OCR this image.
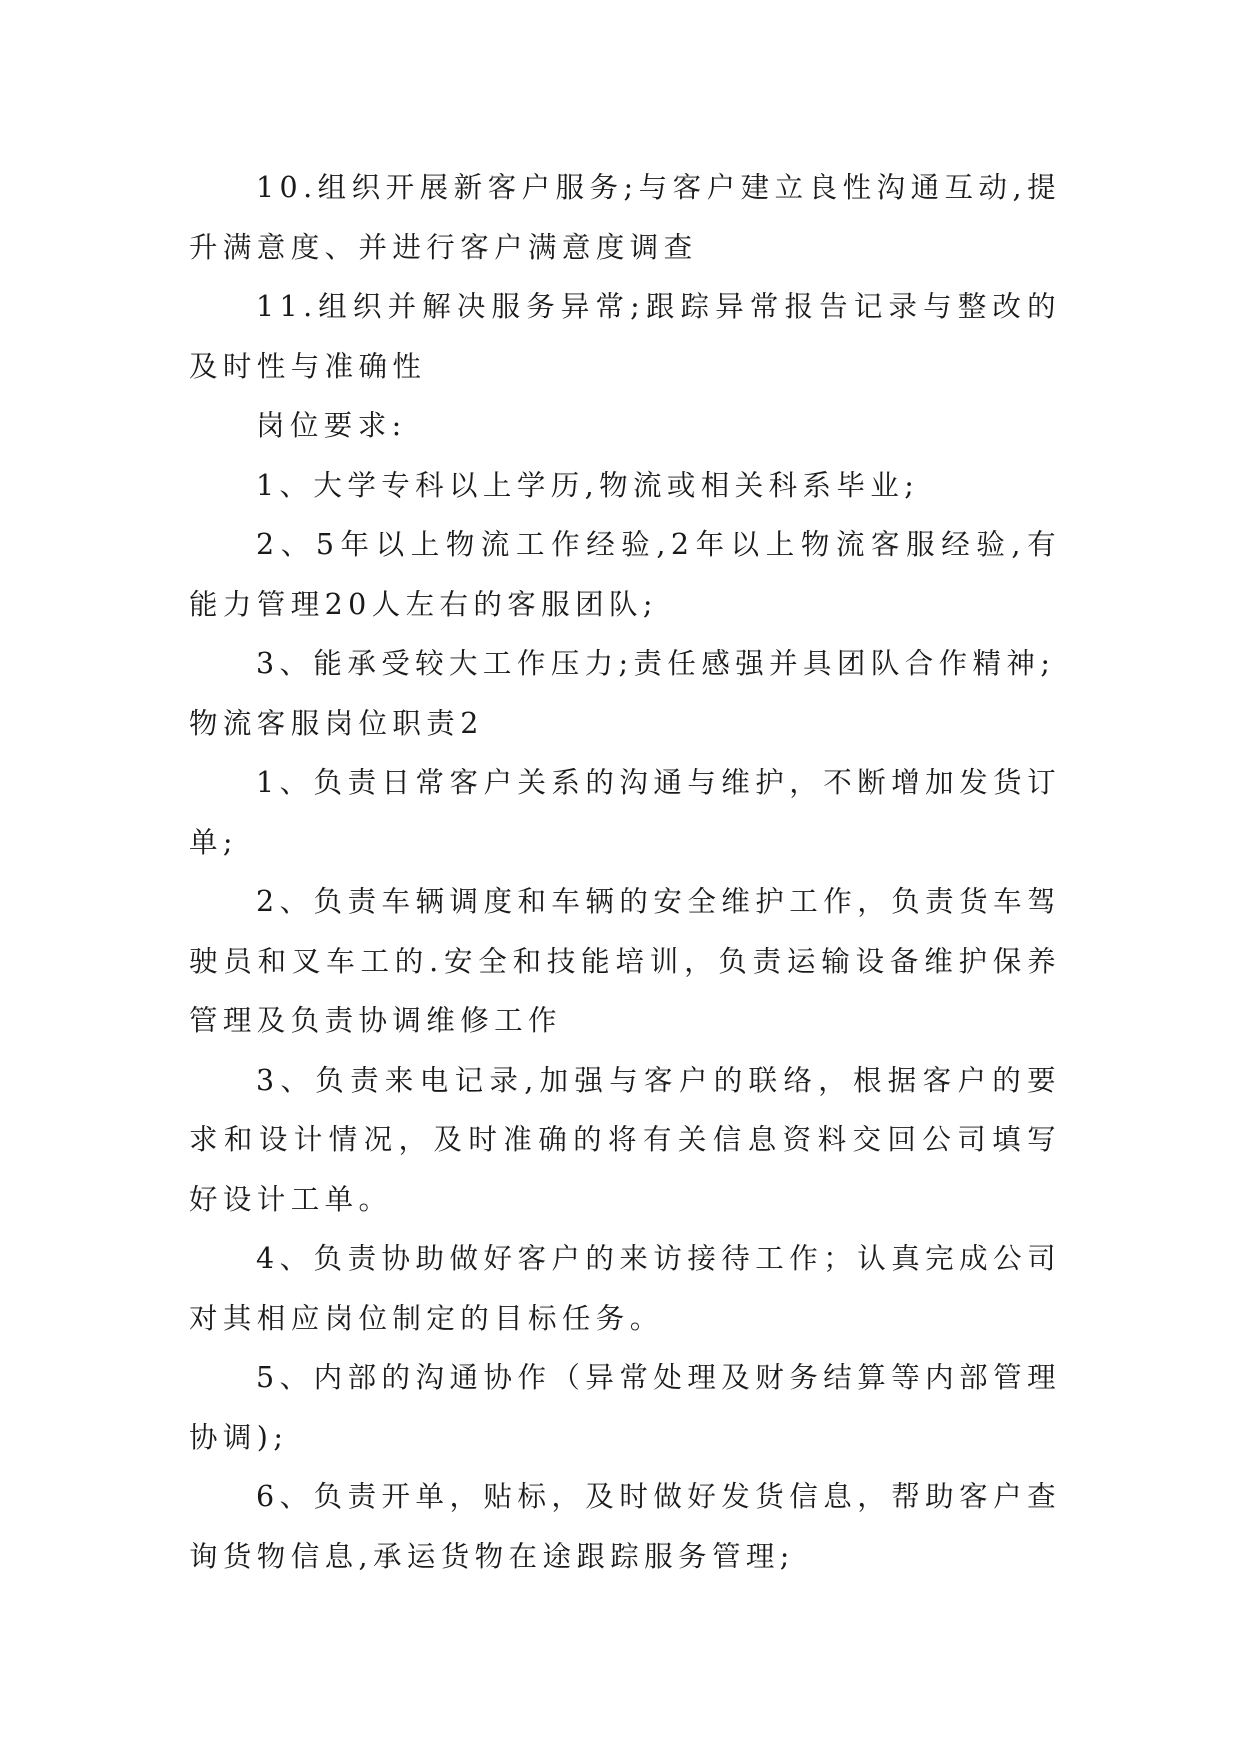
10.组织开展新客户服务;与客户建立良性沟通互动,提升满意度、并进行客户满意度调查

11.组织并解决服务异常;跟踪异常报告记录与整改的及时性与准确性

岗位要求:

1、大学专科以上学历,物流或相关科系毕业;

2、5年以上物流工作经验,2年以上物流客服经验,有能力管理20人左右的客服团队;

3、能承受较大工作压力;责任感强并具团队合作精神;

物流客服岗位职责2

1、负责日常客户关系的沟通与维护，不断增加发货订单;

2、负责车辆调度和车辆的安全维护工作，负责货车驾驶员和叉车工的.安全和技能培训，负责运输设备维护保养管理及负责协调维修工作

3、负责来电记录,加强与客户的联络，根据客户的要求和设计情况，及时准确的将有关信息资料交回公司填写好设计工单。

4、负责协助做好客户的来访接待工作；认真完成公司对其相应岗位制定的目标任务。

5、内部的沟通协作（异常处理及财务结算等内部管理协调);

6、负责开单，贴标，及时做好发货信息，帮助客户查询货物信息,承运货物在途跟踪服务管理;
